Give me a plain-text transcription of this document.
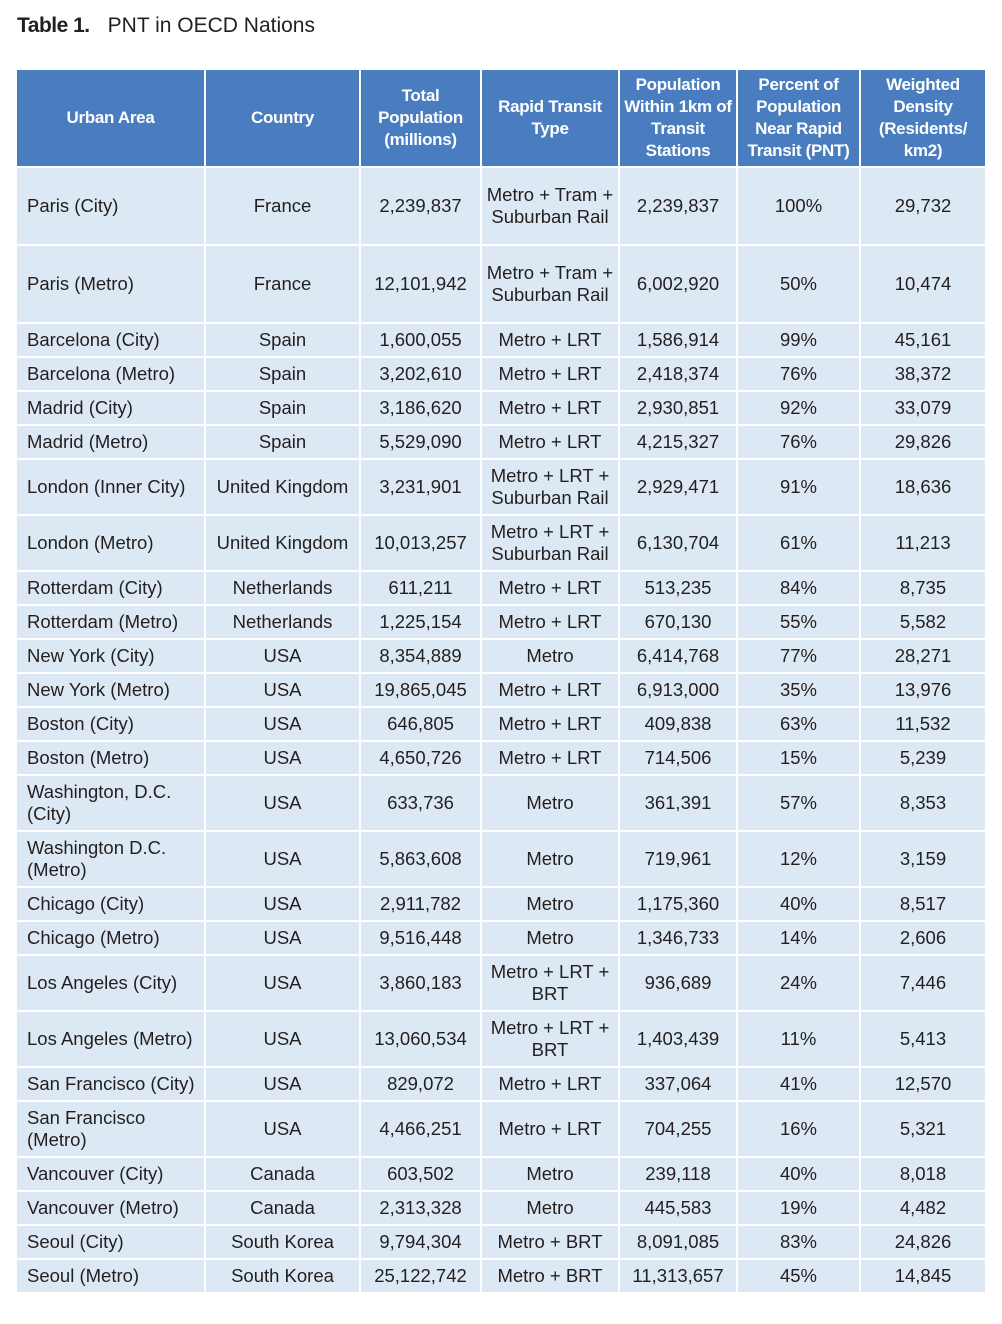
Table 1. PNT in OECD Nations
Urban Area	Country	Total Population (millions)	Rapid Transit Type	Population Within 1km of Transit Stations	Percent of Population Near Rapid Transit (PNT)	Weighted Density (Residents/ km2)
Paris (City)	France	2,239,837	Metro + Tram + Suburban Rail	2,239,837	100%	29,732
Paris (Metro)	France	12,101,942	Metro + Tram + Suburban Rail	6,002,920	50%	10,474
Barcelona (City)	Spain	1,600,055	Metro + LRT	1,586,914	99%	45,161
Barcelona (Metro)	Spain	3,202,610	Metro + LRT	2,418,374	76%	38,372
Madrid (City)	Spain	3,186,620	Metro + LRT	2,930,851	92%	33,079
Madrid (Metro)	Spain	5,529,090	Metro + LRT	4,215,327	76%	29,826
London (Inner City)	United Kingdom	3,231,901	Metro + LRT + Suburban Rail	2,929,471	91%	18,636
London (Metro)	United Kingdom	10,013,257	Metro + LRT + Suburban Rail	6,130,704	61%	11,213
Rotterdam (City)	Netherlands	611,211	Metro + LRT	513,235	84%	8,735
Rotterdam (Metro)	Netherlands	1,225,154	Metro + LRT	670,130	55%	5,582
New York (City)	USA	8,354,889	Metro	6,414,768	77%	28,271
New York (Metro)	USA	19,865,045	Metro + LRT	6,913,000	35%	13,976
Boston (City)	USA	646,805	Metro + LRT	409,838	63%	11,532
Boston (Metro)	USA	4,650,726	Metro + LRT	714,506	15%	5,239
Washington, D.C. (City)	USA	633,736	Metro	361,391	57%	8,353
Washington D.C. (Metro)	USA	5,863,608	Metro	719,961	12%	3,159
Chicago (City)	USA	2,911,782	Metro	1,175,360	40%	8,517
Chicago (Metro)	USA	9,516,448	Metro	1,346,733	14%	2,606
Los Angeles (City)	USA	3,860,183	Metro + LRT + BRT	936,689	24%	7,446
Los Angeles (Metro)	USA	13,060,534	Metro + LRT + BRT	1,403,439	11%	5,413
San Francisco (City)	USA	829,072	Metro + LRT	337,064	41%	12,570
San Francisco (Metro)	USA	4,466,251	Metro + LRT	704,255	16%	5,321
Vancouver (City)	Canada	603,502	Metro	239,118	40%	8,018
Vancouver (Metro)	Canada	2,313,328	Metro	445,583	19%	4,482
Seoul (City)	South Korea	9,794,304	Metro + BRT	8,091,085	83%	24,826
Seoul (Metro)	South Korea	25,122,742	Metro + BRT	11,313,657	45%	14,845
